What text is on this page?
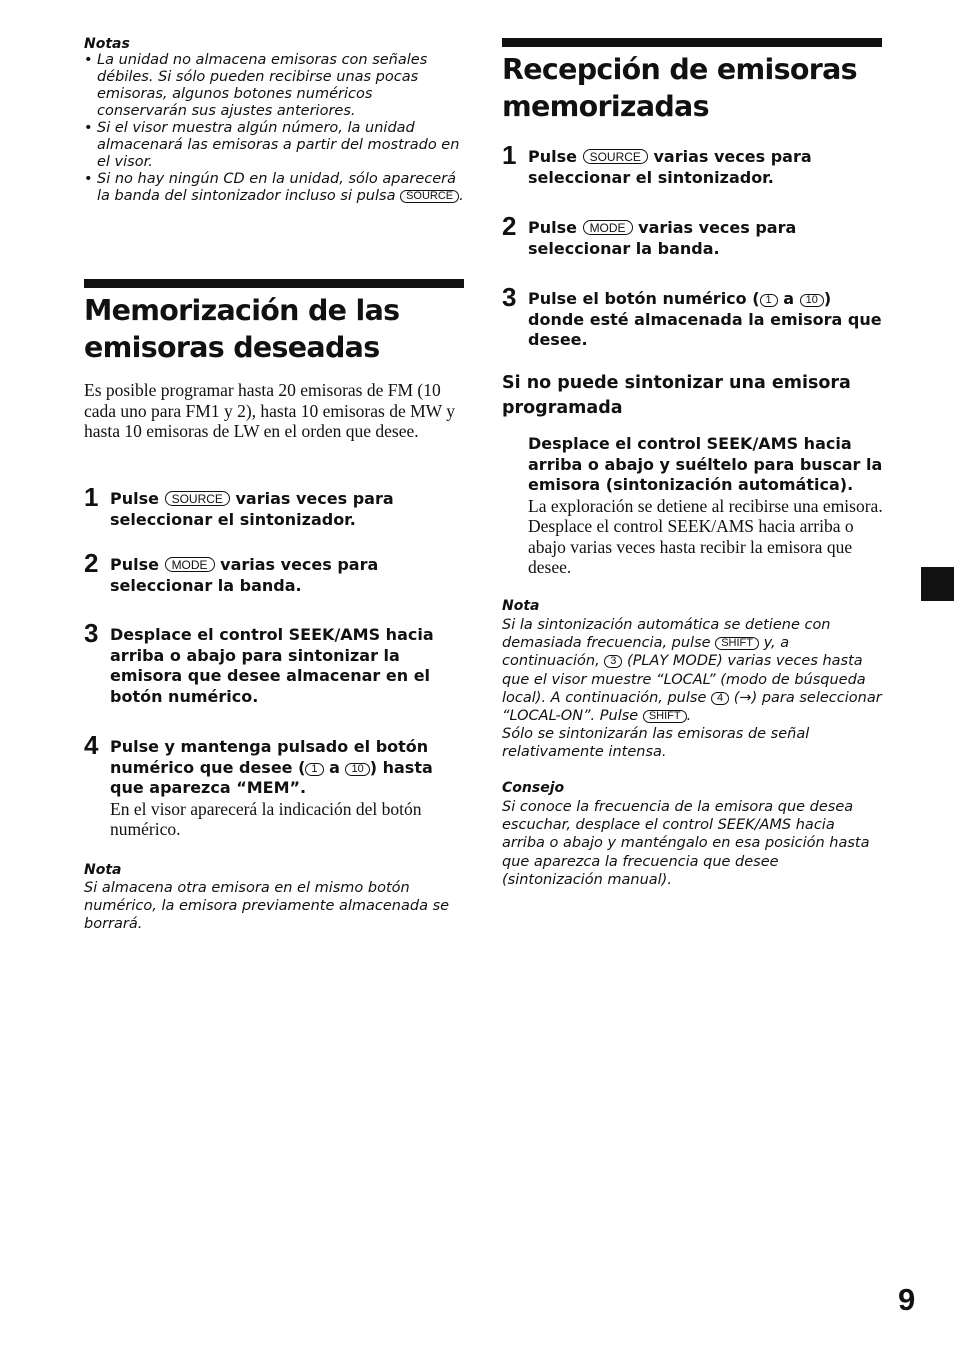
Notas
• La unidad no almacena emisoras con señales débiles. Si sólo pueden recibirse unas pocas emisoras, algunos botones numéricos conservarán sus ajustes anteriores.
• Si el visor muestra algún número, la unidad almacenará las emisoras a partir del mostrado en el visor.
• Si no hay ningún CD en la unidad, sólo aparecerá la banda del sintonizador incluso si pulsa SOURCE .
Memorización de las
emisoras deseadas

Es posible programar hasta 20 emisoras de FM (10 cada uno para FM1 y 2), hasta 10 emisoras de MW y hasta 10 emisoras de LW en el orden que desee.

1 Pulse SOURCE varias veces para seleccionar el sintonizador.
2 Pulse MODE varias veces para seleccionar la banda.
3 Desplace el control SEEK/AMS hacia arriba o abajo para sintonizar la emisora que desee almacenar en el botón numérico.
4 Pulse y mantenga pulsado el botón numérico que desee ( 1 a 10 ) hasta que aparezca “MEM”.
En el visor aparecerá la indicación del botón numérico.
Nota

Si almacena otra emisora en el mismo botón numérico, la emisora previamente almacenada se borrará.

Recepción de emisoras
memorizadas
1 Pulse SOURCE varias veces para seleccionar el sintonizador.
2 Pulse MODE varias veces para seleccionar la banda.
3 Pulse el botón numérico ( 1 a 10 ) donde esté almacenada la emisora que desee.
Si no puede sintonizar una emisora programada

Desplace el control SEEK/AMS hacia arriba o abajo y suéltelo para buscar la emisora (sintonización automática).

La exploración se detiene al recibirse una emisora. Desplace el control SEEK/AMS hacia arriba o abajo varias veces hasta recibir la emisora que desee.

Nota

Si la sintonización automática se detiene con demasiada frecuencia, pulse SHIFT y, a continuación, 3 (PLAY MODE) varias veces hasta que el visor muestre “LOCAL” (modo de búsqueda local). A continuación, pulse 4 (→) para seleccionar “LOCAL-ON”. Pulse SHIFT .
Sólo se sintonizarán las emisoras de señal relativamente intensa.

Consejo

Si conoce la frecuencia de la emisora que desea escuchar, desplace el control SEEK/AMS hacia arriba o abajo y manténgalo en esa posición hasta que aparezca la frecuencia que desee (sintonización manual).

9
